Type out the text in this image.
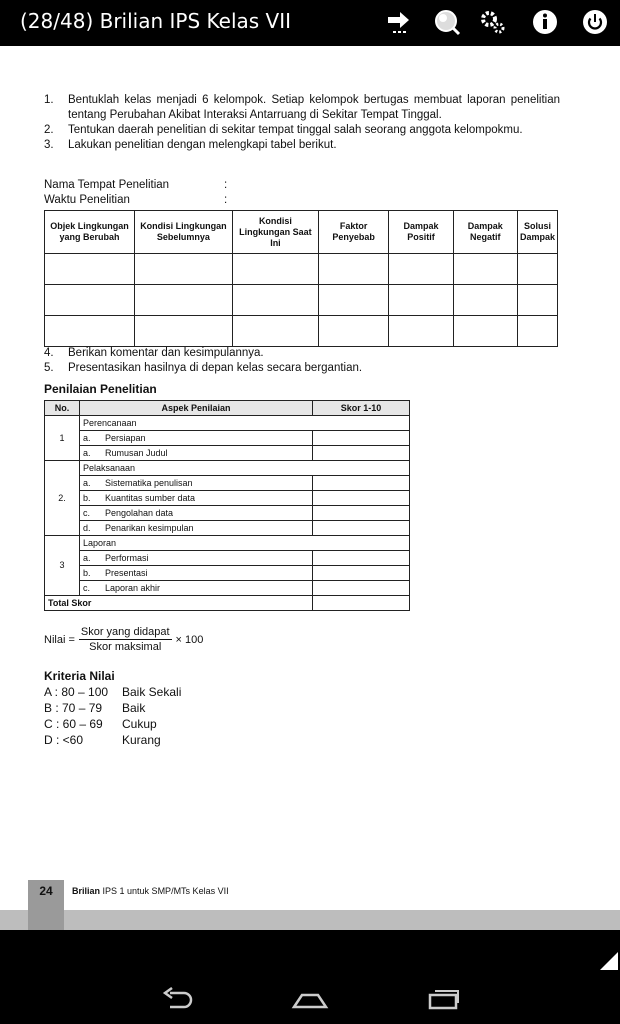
(28/48) Brilian IPS Kelas VII
1.	Bentuklah kelas menjadi 6 kelompok. Setiap kelompok bertugas membuat laporan penelitian tentang Perubahan Akibat Interaksi Antarruang di Sekitar Tempat Tinggal.
2.	Tentukan daerah penelitian di sekitar tempat tinggal salah seorang anggota kelompokmu.
3.	Lakukan penelitian dengan melengkapi tabel berikut.
Nama Tempat Penelitian	:
Waktu Penelitian	:
Objek Lingkungan yang Berubah	Kondisi Lingkungan Sebelumnya	Kondisi Lingkungan Saat Ini	Faktor Penyebab	Dampak Positif	Dampak Negatif	Solusi Dampak

4.	Berikan komentar dan kesimpulannya.
5.	Presentasikan hasilnya di depan kelas secara bergantian.
Penilaian Penelitian
No.	Aspek Penilaian	Skor 1-10
1	Perencanaan	

	a. Persiapan	

	a. Rumusan Judul	

2.	Pelaksanaan	

	a. Sistematika penulisan	

	b. Kuantitas sumber data	

	c. Pengolahan data	

	d. Penarikan kesimpulan	

3	Laporan	

	a. Performasi	

	b. Presentasi	

	c. Laporan akhir	

Total Skor		
Nilai = $\frac{\text{Skor yang didapat}}{\text{Skor maksimal}} \times 100$
Kriteria Nilai
A : 80 – 100	Baik Sekali
B : 70 – 79	Baik
C : 60 – 69	Cukup
D : <60	Kurang
24	Brilian IPS 1 untuk SMP/MTs Kelas VII
